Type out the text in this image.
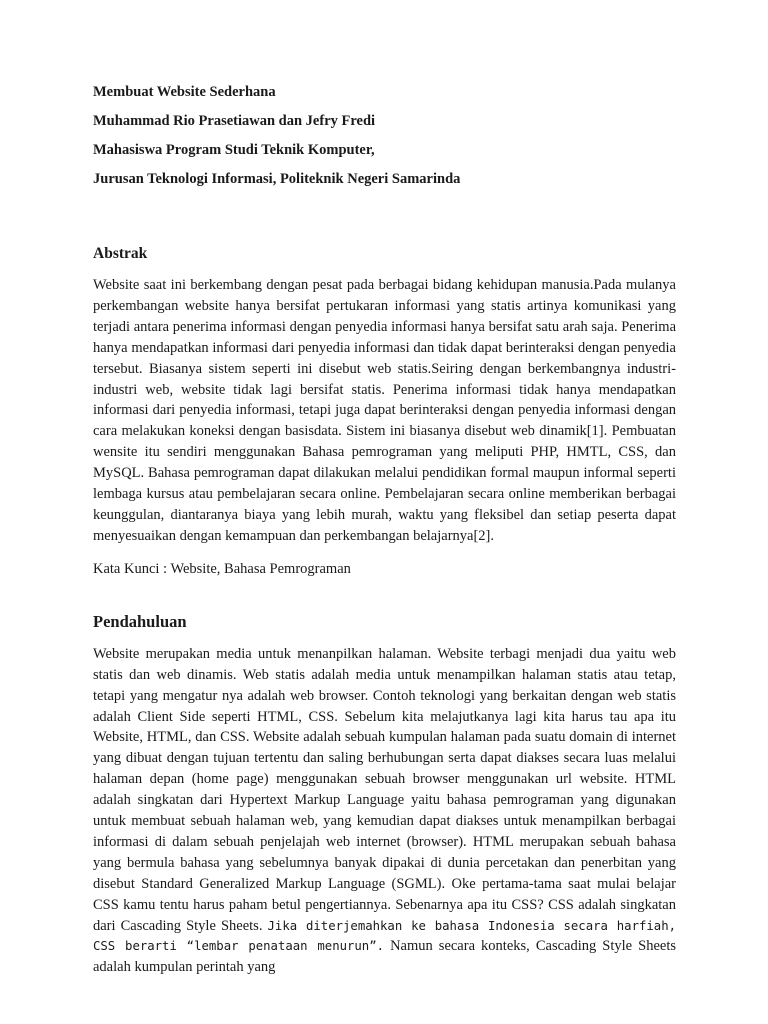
Membuat Website Sederhana

Muhammad Rio Prasetiawan dan Jefry Fredi

Mahasiswa Program Studi Teknik Komputer,

Jurusan Teknologi Informasi, Politeknik Negeri Samarinda

Abstrak

Website saat ini berkembang dengan pesat pada berbagai bidang kehidupan manusia.Pada mulanya perkembangan website hanya bersifat pertukaran informasi yang statis artinya komunikasi yang terjadi antara penerima informasi dengan penyedia informasi hanya bersifat satu arah saja. Penerima hanya mendapatkan informasi dari penyedia informasi dan tidak dapat berinteraksi dengan penyedia tersebut. Biasanya sistem seperti ini disebut web statis.Seiring dengan berkembangnya industri-industri web, website tidak lagi bersifat statis. Penerima informasi tidak hanya mendapatkan informasi dari penyedia informasi, tetapi juga dapat berinteraksi dengan penyedia informasi dengan cara melakukan koneksi dengan basisdata. Sistem ini biasanya disebut web dinamik[1]. Pembuatan wensite itu sendiri menggunakan Bahasa pemrograman yang meliputi PHP, HMTL, CSS, dan MySQL. Bahasa pemrograman dapat dilakukan melalui pendidikan formal maupun informal seperti lembaga kursus atau pembelajaran secara online. Pembelajaran secara online memberikan berbagai keunggulan, diantaranya biaya yang lebih murah, waktu yang fleksibel dan setiap peserta dapat menyesuaikan dengan kemampuan dan perkembangan belajarnya[2].

Kata Kunci : Website, Bahasa Pemrograman

Pendahuluan

Website merupakan media untuk menanpilkan halaman. Website terbagi menjadi dua yaitu web statis dan web dinamis. Web statis adalah media untuk menampilkan halaman statis atau tetap, tetapi yang mengatur nya adalah web browser. Contoh teknologi yang berkaitan dengan web statis adalah Client Side seperti HTML, CSS. Sebelum kita melajutkanya lagi kita harus tau apa itu Website, HTML, dan CSS. Website adalah sebuah kumpulan halaman pada suatu domain di internet yang dibuat dengan tujuan tertentu dan saling berhubungan serta dapat diakses secara luas melalui halaman depan (home page) menggunakan sebuah browser menggunakan url website. HTML adalah singkatan dari Hypertext Markup Language yaitu bahasa pemrograman yang digunakan untuk membuat sebuah halaman web, yang kemudian dapat diakses untuk menampilkan berbagai informasi di dalam sebuah penjelajah web internet (browser). HTML merupakan sebuah bahasa yang bermula bahasa yang sebelumnya banyak dipakai di dunia percetakan dan penerbitan yang disebut Standard Generalized Markup Language (SGML). Oke pertama-tama saat mulai belajar CSS kamu tentu harus paham betul pengertiannya. Sebenarnya apa itu CSS? CSS adalah singkatan dari Cascading Style Sheets. Jika diterjemahkan ke bahasa Indonesia secara harfiah, CSS berarti “lembar penataan menurun”. Namun secara konteks, Cascading Style Sheets adalah kumpulan perintah yang
